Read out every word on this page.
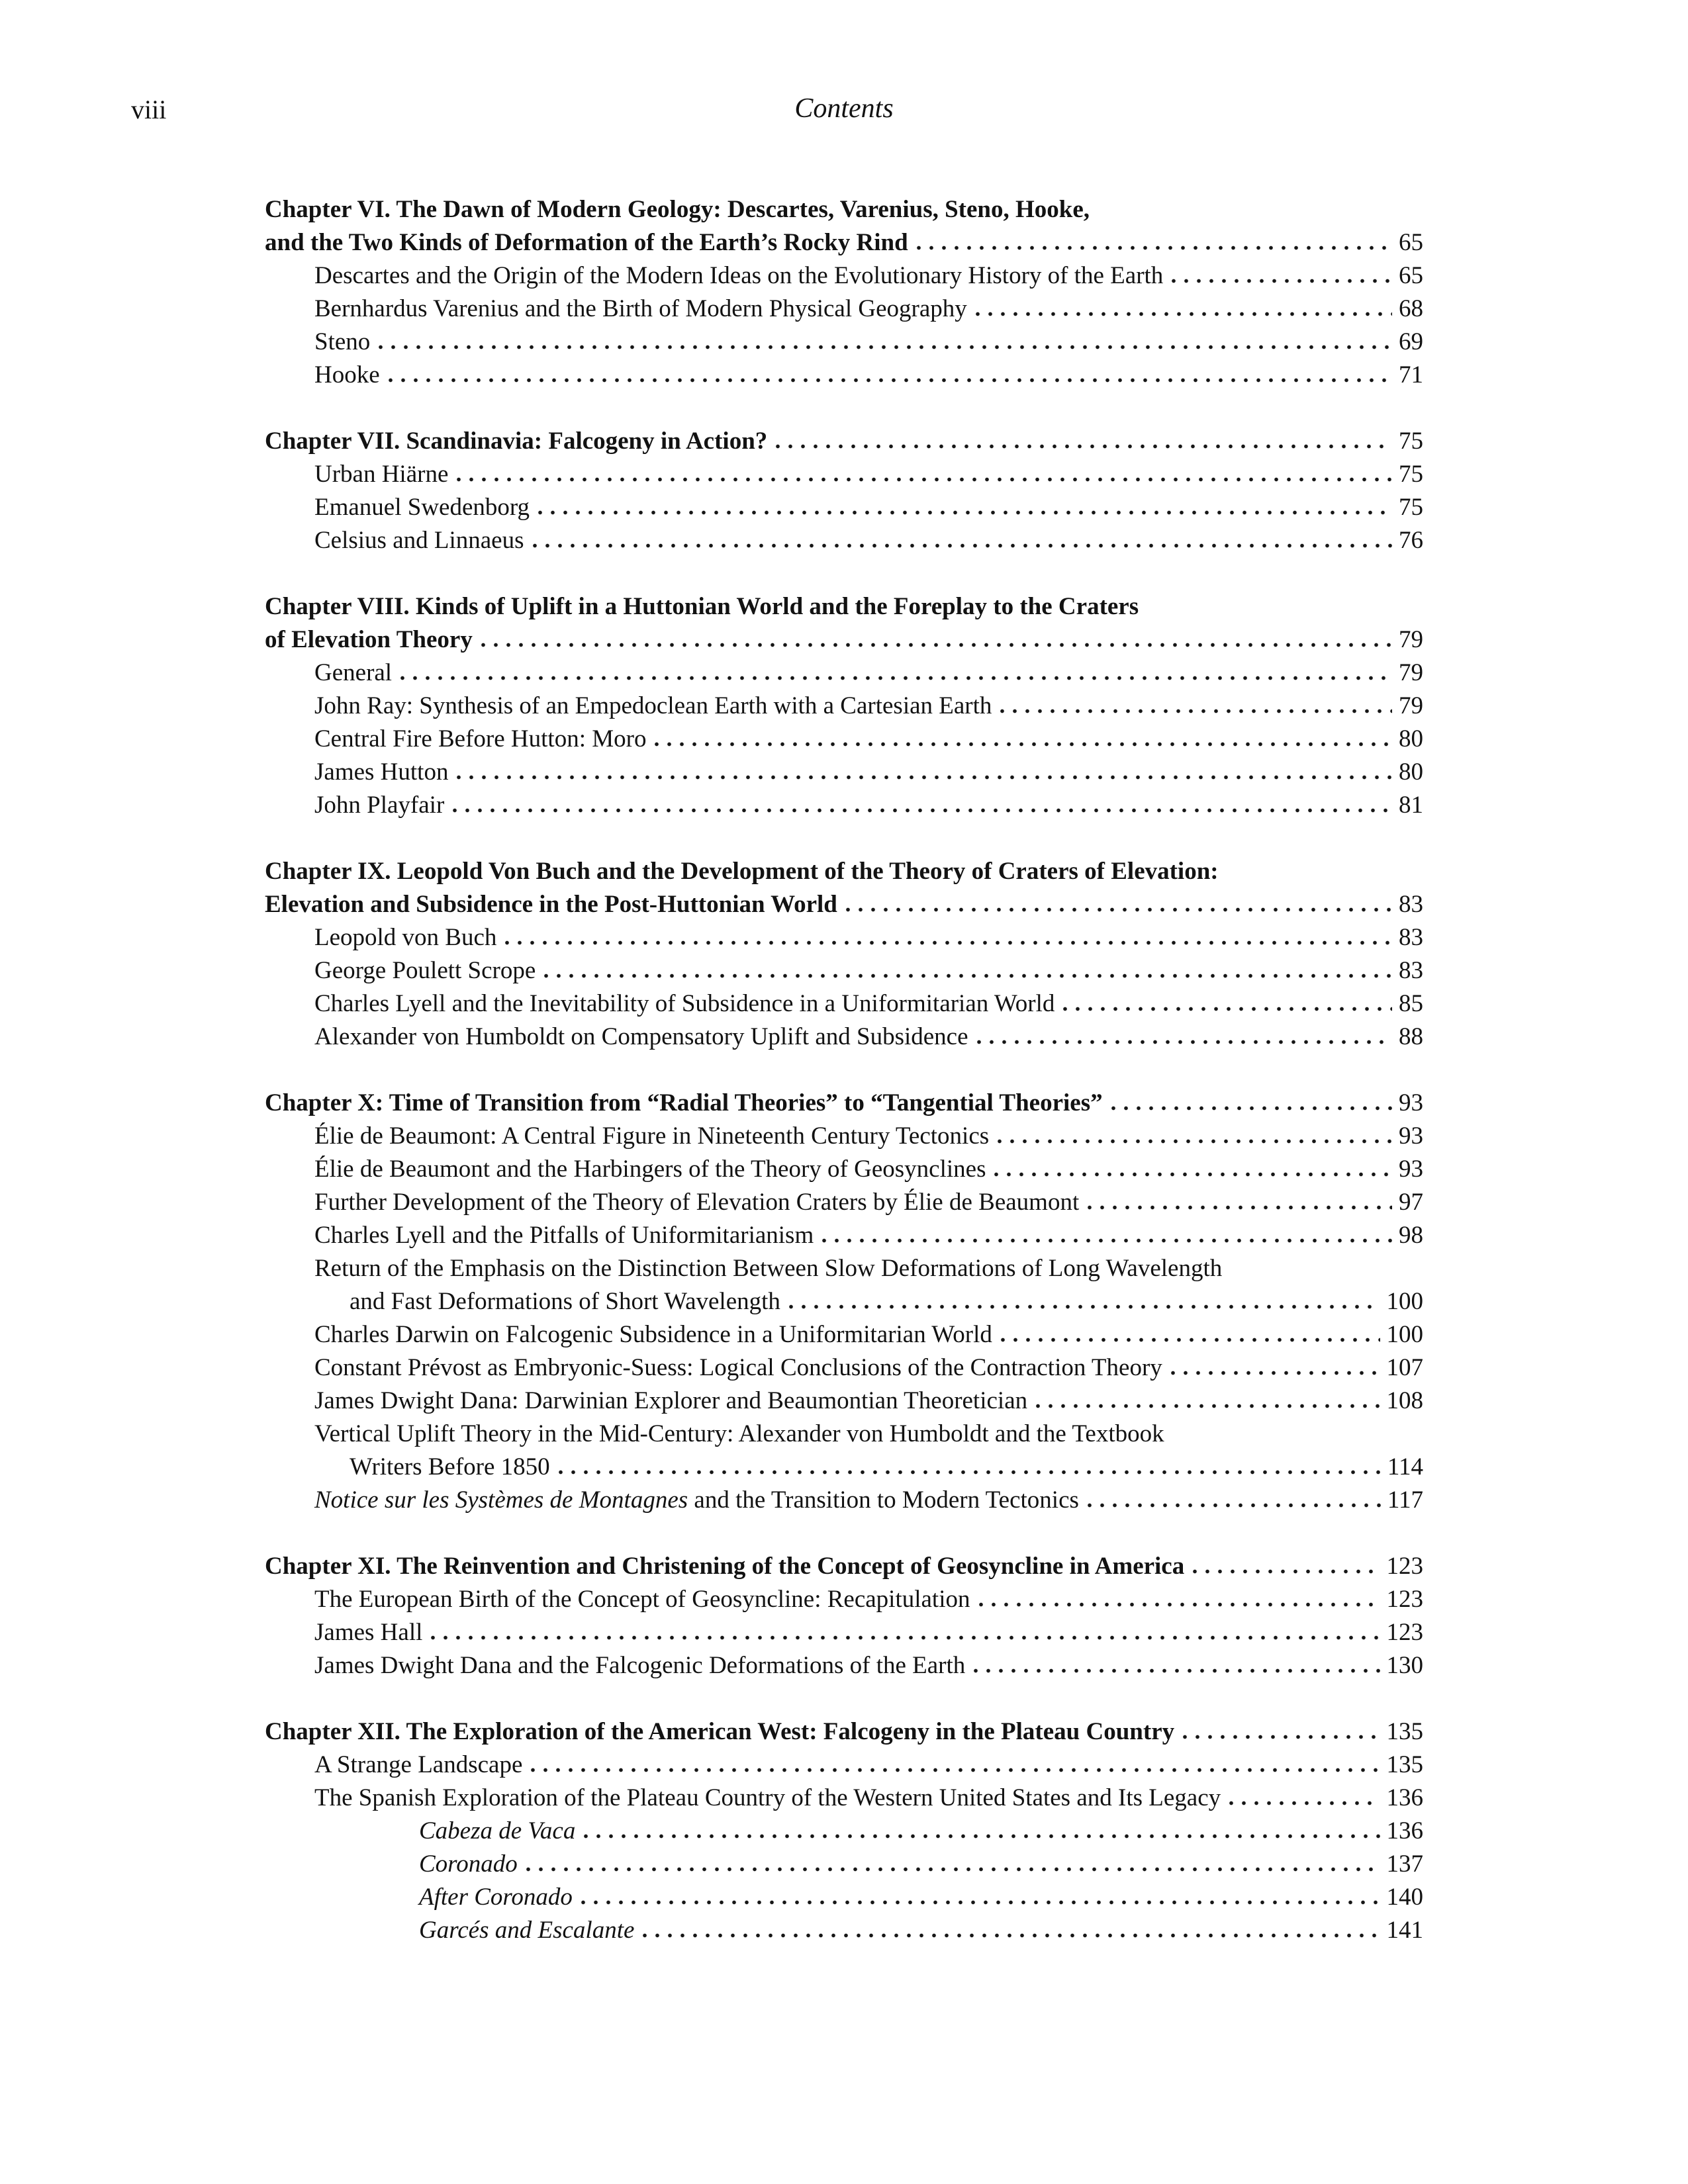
viii	Contents
Chapter VI. The Dawn of Modern Geology: Descartes, Varenius, Steno, Hooke,
and the Two Kinds of Deformation of the Earth’s Rocky Rind	65
Descartes and the Origin of the Modern Ideas on the Evolutionary History of the Earth	65
Bernhardus Varenius and the Birth of Modern Physical Geography	68
Steno	69
Hooke	71
Chapter VII. Scandinavia: Falcogeny in Action?	75
Urban Hiärne	75
Emanuel Swedenborg	75
Celsius and Linnaeus	76
Chapter VIII. Kinds of Uplift in a Huttonian World and the Foreplay to the Craters
of Elevation Theory	79
General	79
John Ray: Synthesis of an Empedoclean Earth with a Cartesian Earth	79
Central Fire Before Hutton: Moro	80
James Hutton	80
John Playfair	81
Chapter IX. Leopold Von Buch and the Development of the Theory of Craters of Elevation:
Elevation and Subsidence in the Post-Huttonian World	83
Leopold von Buch	83
George Poulett Scrope	83
Charles Lyell and the Inevitability of Subsidence in a Uniformitarian World	85
Alexander von Humboldt on Compensatory Uplift and Subsidence	88
Chapter X: Time of Transition from “Radial Theories” to “Tangential Theories”	93
Élie de Beaumont: A Central Figure in Nineteenth Century Tectonics	93
Élie de Beaumont and the Harbingers of the Theory of Geosynclines	93
Further Development of the Theory of Elevation Craters by Élie de Beaumont	97
Charles Lyell and the Pitfalls of Uniformitarianism	98
Return of the Emphasis on the Distinction Between Slow Deformations of Long Wavelength
and Fast Deformations of Short Wavelength	100
Charles Darwin on Falcogenic Subsidence in a Uniformitarian World	100
Constant Prévost as Embryonic-Suess: Logical Conclusions of the Contraction Theory	107
James Dwight Dana: Darwinian Explorer and Beaumontian Theoretician	108
Vertical Uplift Theory in the Mid-Century: Alexander von Humboldt and the Textbook
Writers Before 1850	114
Notice sur les Systèmes de Montagnes and the Transition to Modern Tectonics	117
Chapter XI. The Reinvention and Christening of the Concept of Geosyncline in America	123
The European Birth of the Concept of Geosyncline: Recapitulation	123
James Hall	123
James Dwight Dana and the Falcogenic Deformations of the Earth	130
Chapter XII. The Exploration of the American West: Falcogeny in the Plateau Country	135
A Strange Landscape	135
The Spanish Exploration of the Plateau Country of the Western United States and Its Legacy	136
Cabeza de Vaca	136
Coronado	137
After Coronado	140
Garcés and Escalante	141
